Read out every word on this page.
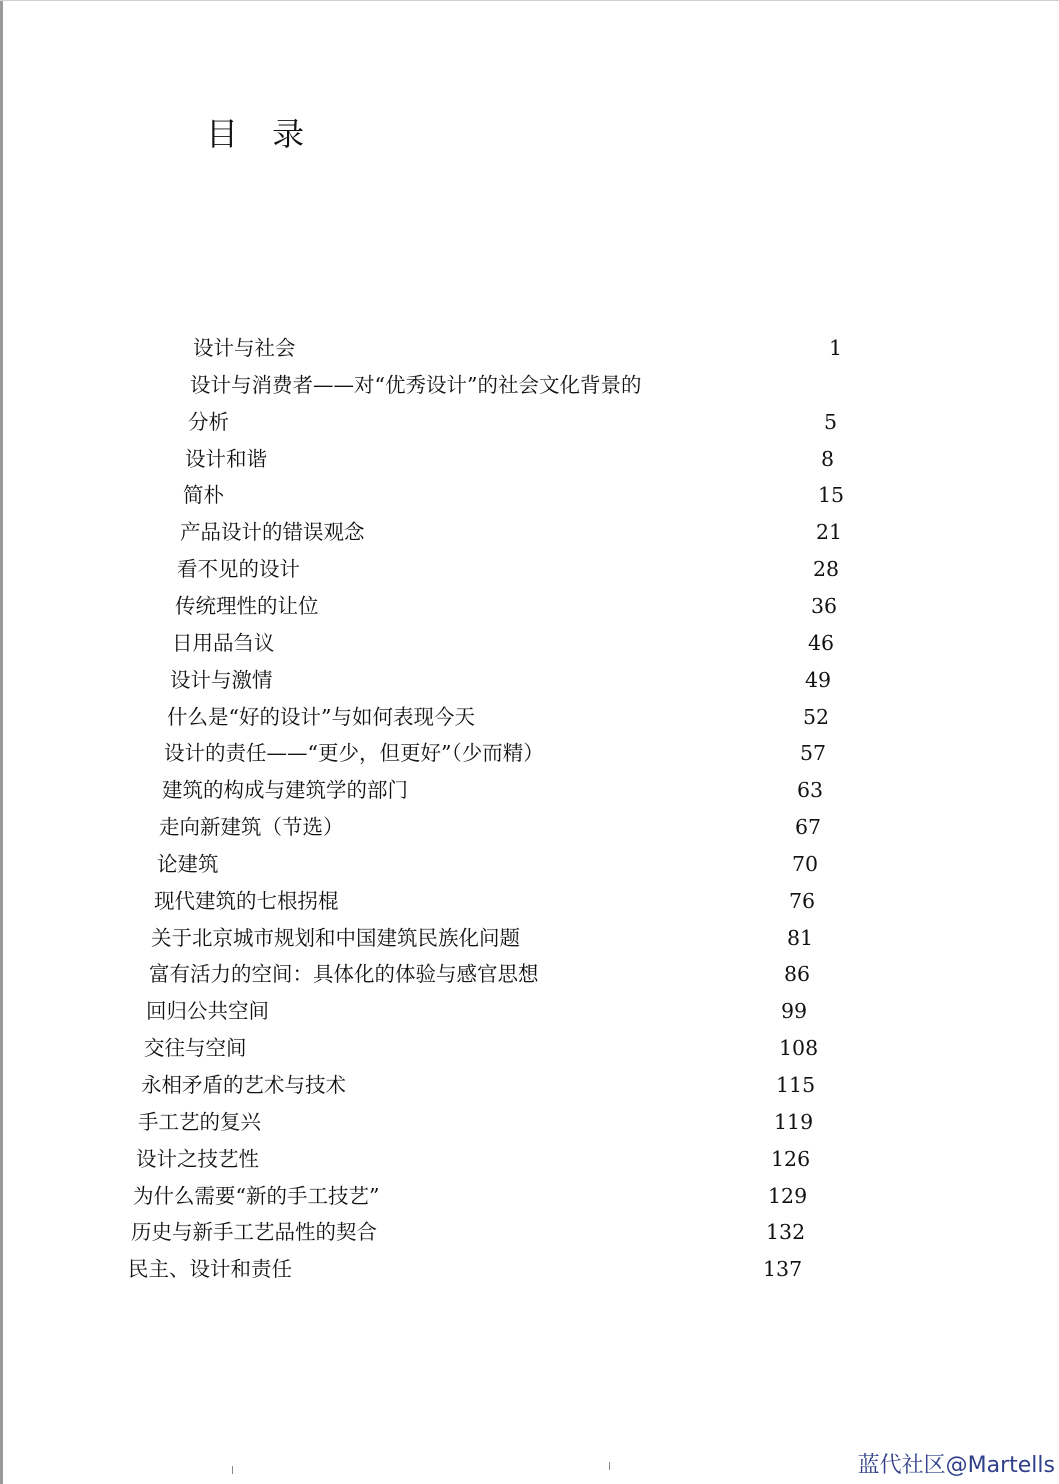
目 录
设计与社会	1
设计与消费者——对“优秀设计”的社会文化背景的
分析	5
设计和谐	8
简朴	15
产品设计的错误观念	21
看不见的设计	28
传统理性的让位	36
日用品刍议	46
设计与激情	49
什么是“好的设计”与如何表现今天	52
设计的责任——“更少，但更好”（少而精）	57
建筑的构成与建筑学的部门	63
走向新建筑（节选）	67
论建筑	70
现代建筑的七根拐棍	76
关于北京城市规划和中国建筑民族化问题	81
富有活力的空间：具体化的体验与感官思想	86
回归公共空间	99
交往与空间	108
永相矛盾的艺术与技术	115
手工艺的复兴	119
设计之技艺性	126
为什么需要“新的手工技艺”	129
历史与新手工艺品性的契合	132
民主、设计和责任	137
蓝代社区@Martells
